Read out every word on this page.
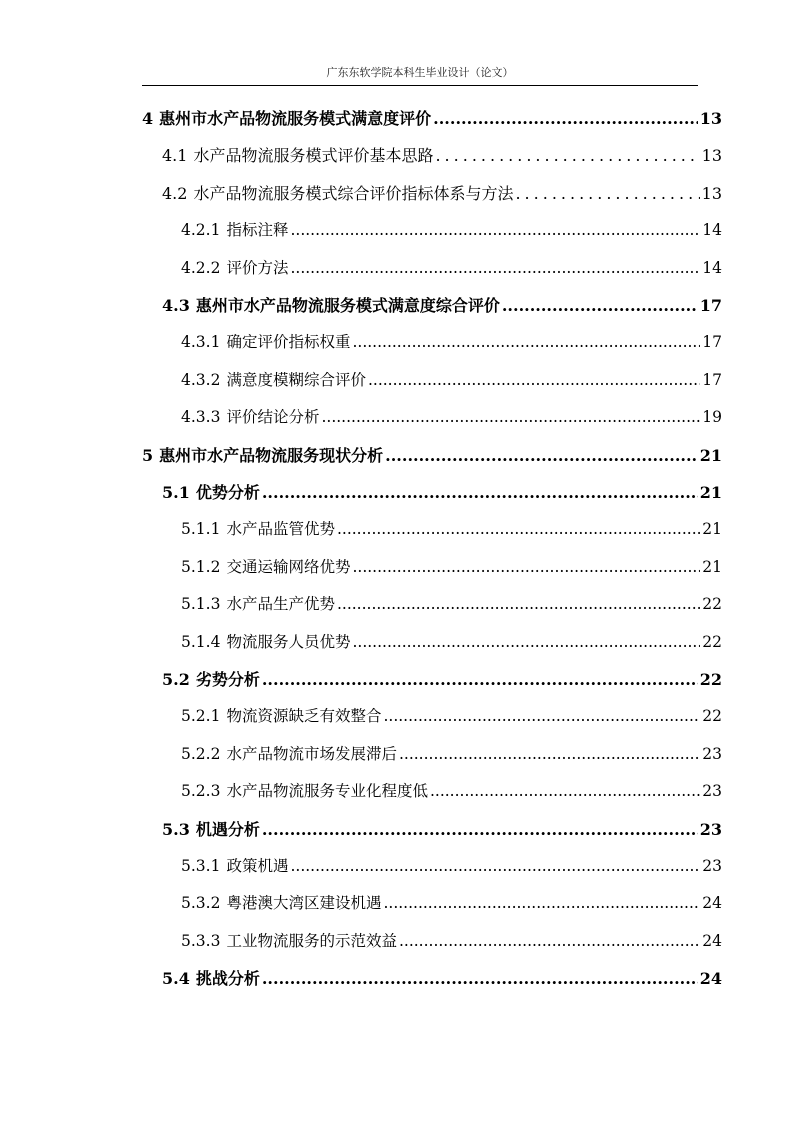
广东东软学院本科生毕业设计（论文）
4 惠州市水产品物流服务模式满意度评价 .....	13
4.1 水产品物流服务模式评价基本思路 .....	13
4.2 水产品物流服务模式综合评价指标体系与方法 .....	13
4.2.1 指标注释 .....	14
4.2.2 评价方法 .....	14
4.3 惠州市水产品物流服务模式满意度综合评价 .....	17
4.3.1 确定评价指标权重 .....	17
4.3.2 满意度模糊综合评价 .....	17
4.3.3 评价结论分析 .....	19
5 惠州市水产品物流服务现状分析 .....	21
5.1 优势分析 .....	21
5.1.1 水产品监管优势 .....	21
5.1.2 交通运输网络优势 .....	21
5.1.3 水产品生产优势 .....	22
5.1.4 物流服务人员优势 .....	22
5.2 劣势分析 .....	22
5.2.1 物流资源缺乏有效整合 .....	22
5.2.2 水产品物流市场发展滞后 .....	23
5.2.3 水产品物流服务专业化程度低 .....	23
5.3 机遇分析 .....	23
5.3.1 政策机遇 .....	23
5.3.2 粤港澳大湾区建设机遇 .....	24
5.3.3 工业物流服务的示范效益 .....	24
5.4 挑战分析 .....	24
